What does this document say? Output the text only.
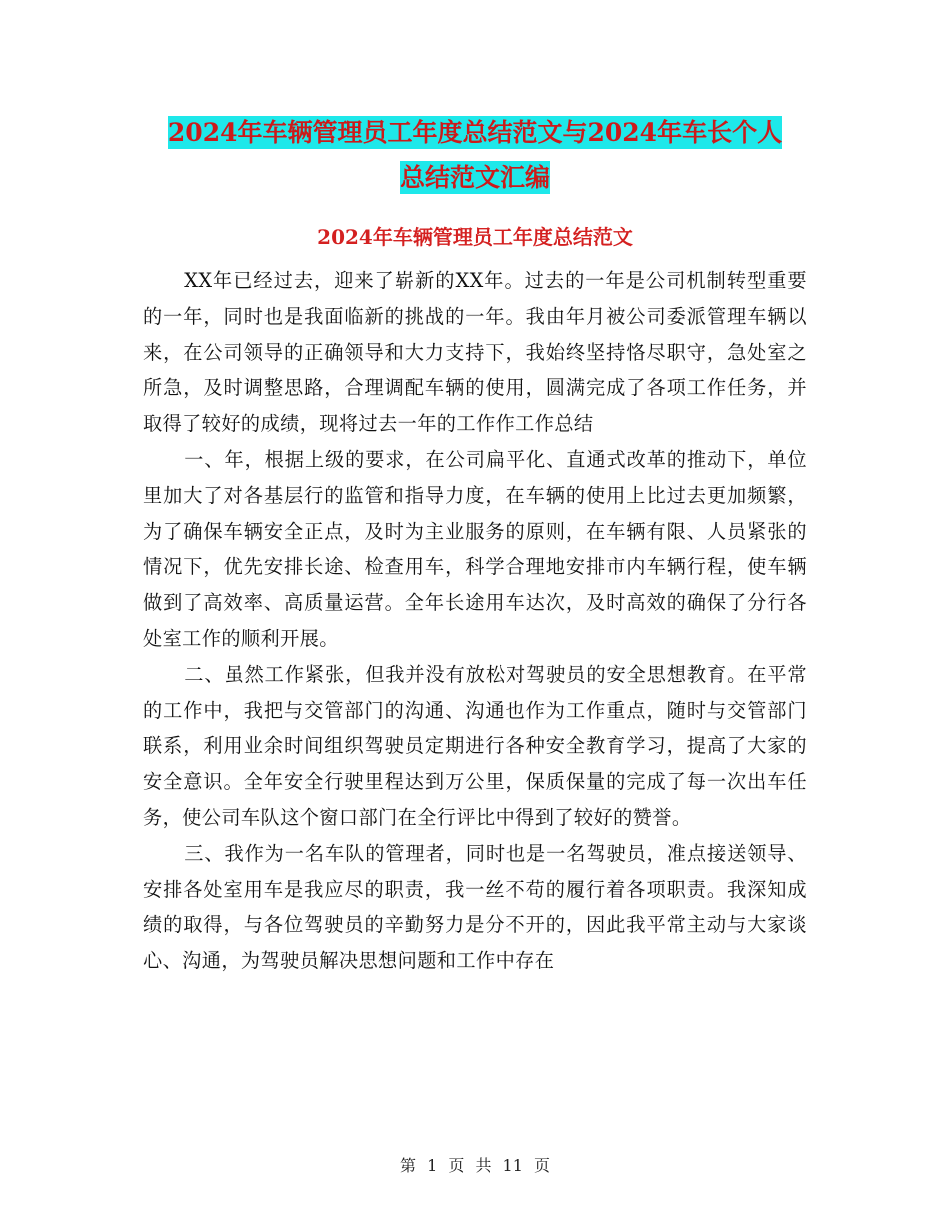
2024年车辆管理员工年度总结范文与2024年车长个人
总结范文汇编
2024年车辆管理员工年度总结范文

XX年已经过去，迎来了崭新的XX年。过去的一年是公司机制转型重要的一年，同时也是我面临新的挑战的一年。我由年月被公司委派管理车辆以来，在公司领导的正确领导和大力支持下，我始终坚持恪尽职守，急处室之所急，及时调整思路，合理调配车辆的使用，圆满完成了各项工作任务，并取得了较好的成绩，现将过去一年的工作作工作总结

一、年，根据上级的要求，在公司扁平化、直通式改革的推动下，单位里加大了对各基层行的监管和指导力度，在车辆的使用上比过去更加频繁，为了确保车辆安全正点，及时为主业服务的原则，在车辆有限、人员紧张的情况下，优先安排长途、检查用车，科学合理地安排市内车辆行程，使车辆做到了高效率、高质量运营。全年长途用车达次，及时高效的确保了分行各处室工作的顺利开展。

二、虽然工作紧张，但我并没有放松对驾驶员的安全思想教育。在平常的工作中，我把与交管部门的沟通、沟通也作为工作重点，随时与交管部门联系，利用业余时间组织驾驶员定期进行各种安全教育学习，提高了大家的安全意识。全年安全行驶里程达到万公里，保质保量的完成了每一次出车任务，使公司车队这个窗口部门在全行评比中得到了较好的赞誉。

三、我作为一名车队的管理者，同时也是一名驾驶员，准点接送领导、安排各处室用车是我应尽的职责，我一丝不苟的履行着各项职责。我深知成绩的取得，与各位驾驶员的辛勤努力是分不开的，因此我平常主动与大家谈心、沟通，为驾驶员解决思想问题和工作中存在

第 1 页 共 11 页
